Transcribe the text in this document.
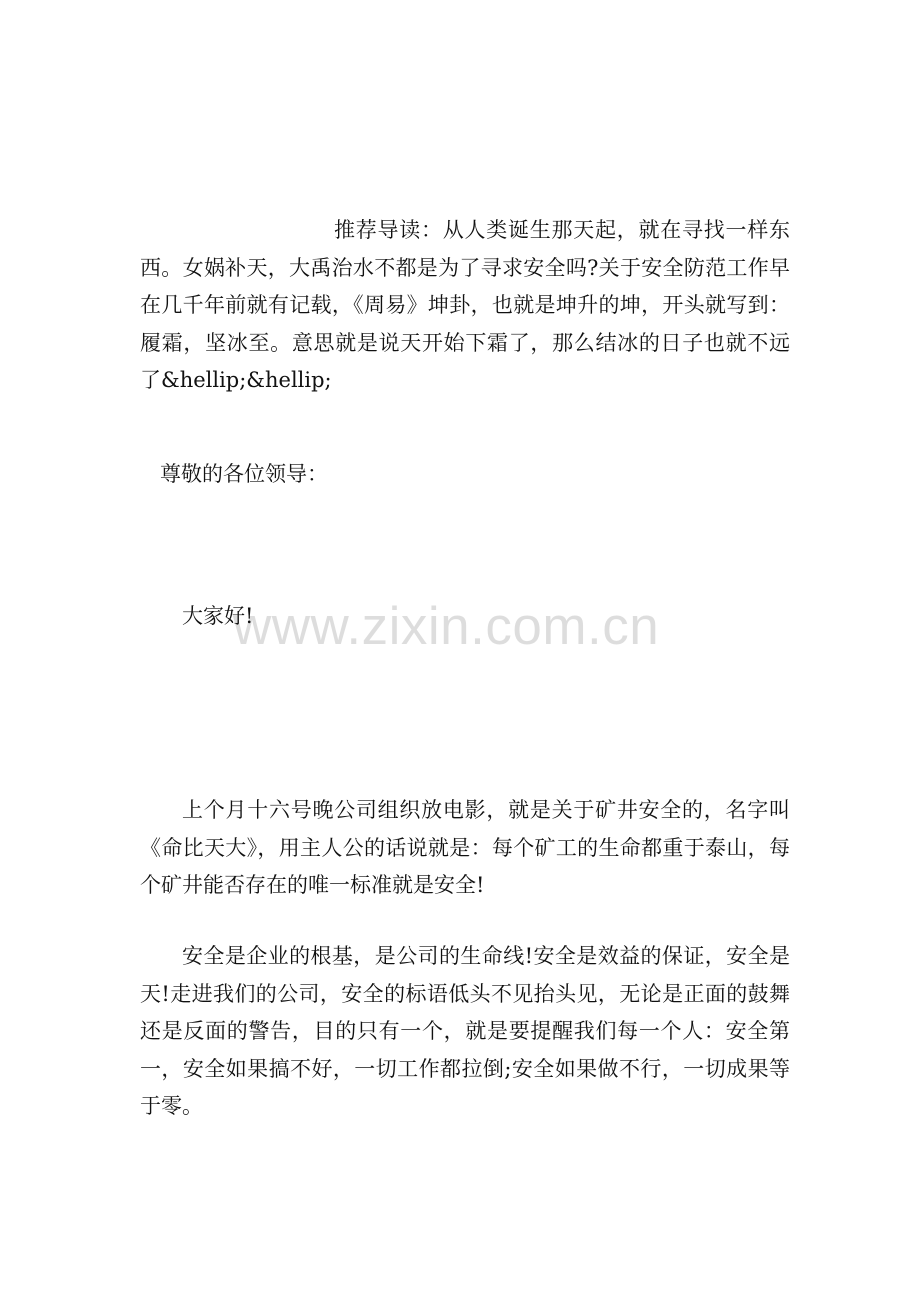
推荐导读：从人类诞生那天起，就在寻找一样东西。女娲补天，大禹治水不都是为了寻求安全吗?关于安全防范工作早在几千年前就有记载，《周易》坤卦，也就是坤升的坤，开头就写到：履霜，坚冰至。意思就是说天开始下霜了，那么结冰的日子也就不远了&hellip;&hellip;

尊敬的各位领导：

大家好!

www.zixin.com.cn

上个月十六号晚公司组织放电影，就是关于矿井安全的，名字叫《命比天大》，用主人公的话说就是：每个矿工的生命都重于泰山，每个矿井能否存在的唯一标准就是安全!

安全是企业的根基，是公司的生命线!安全是效益的保证，安全是天!走进我们的公司，安全的标语低头不见抬头见，无论是正面的鼓舞还是反面的警告，目的只有一个，就是要提醒我们每一个人：安全第一，安全如果搞不好，一切工作都拉倒;安全如果做不行，一切成果等于零。
